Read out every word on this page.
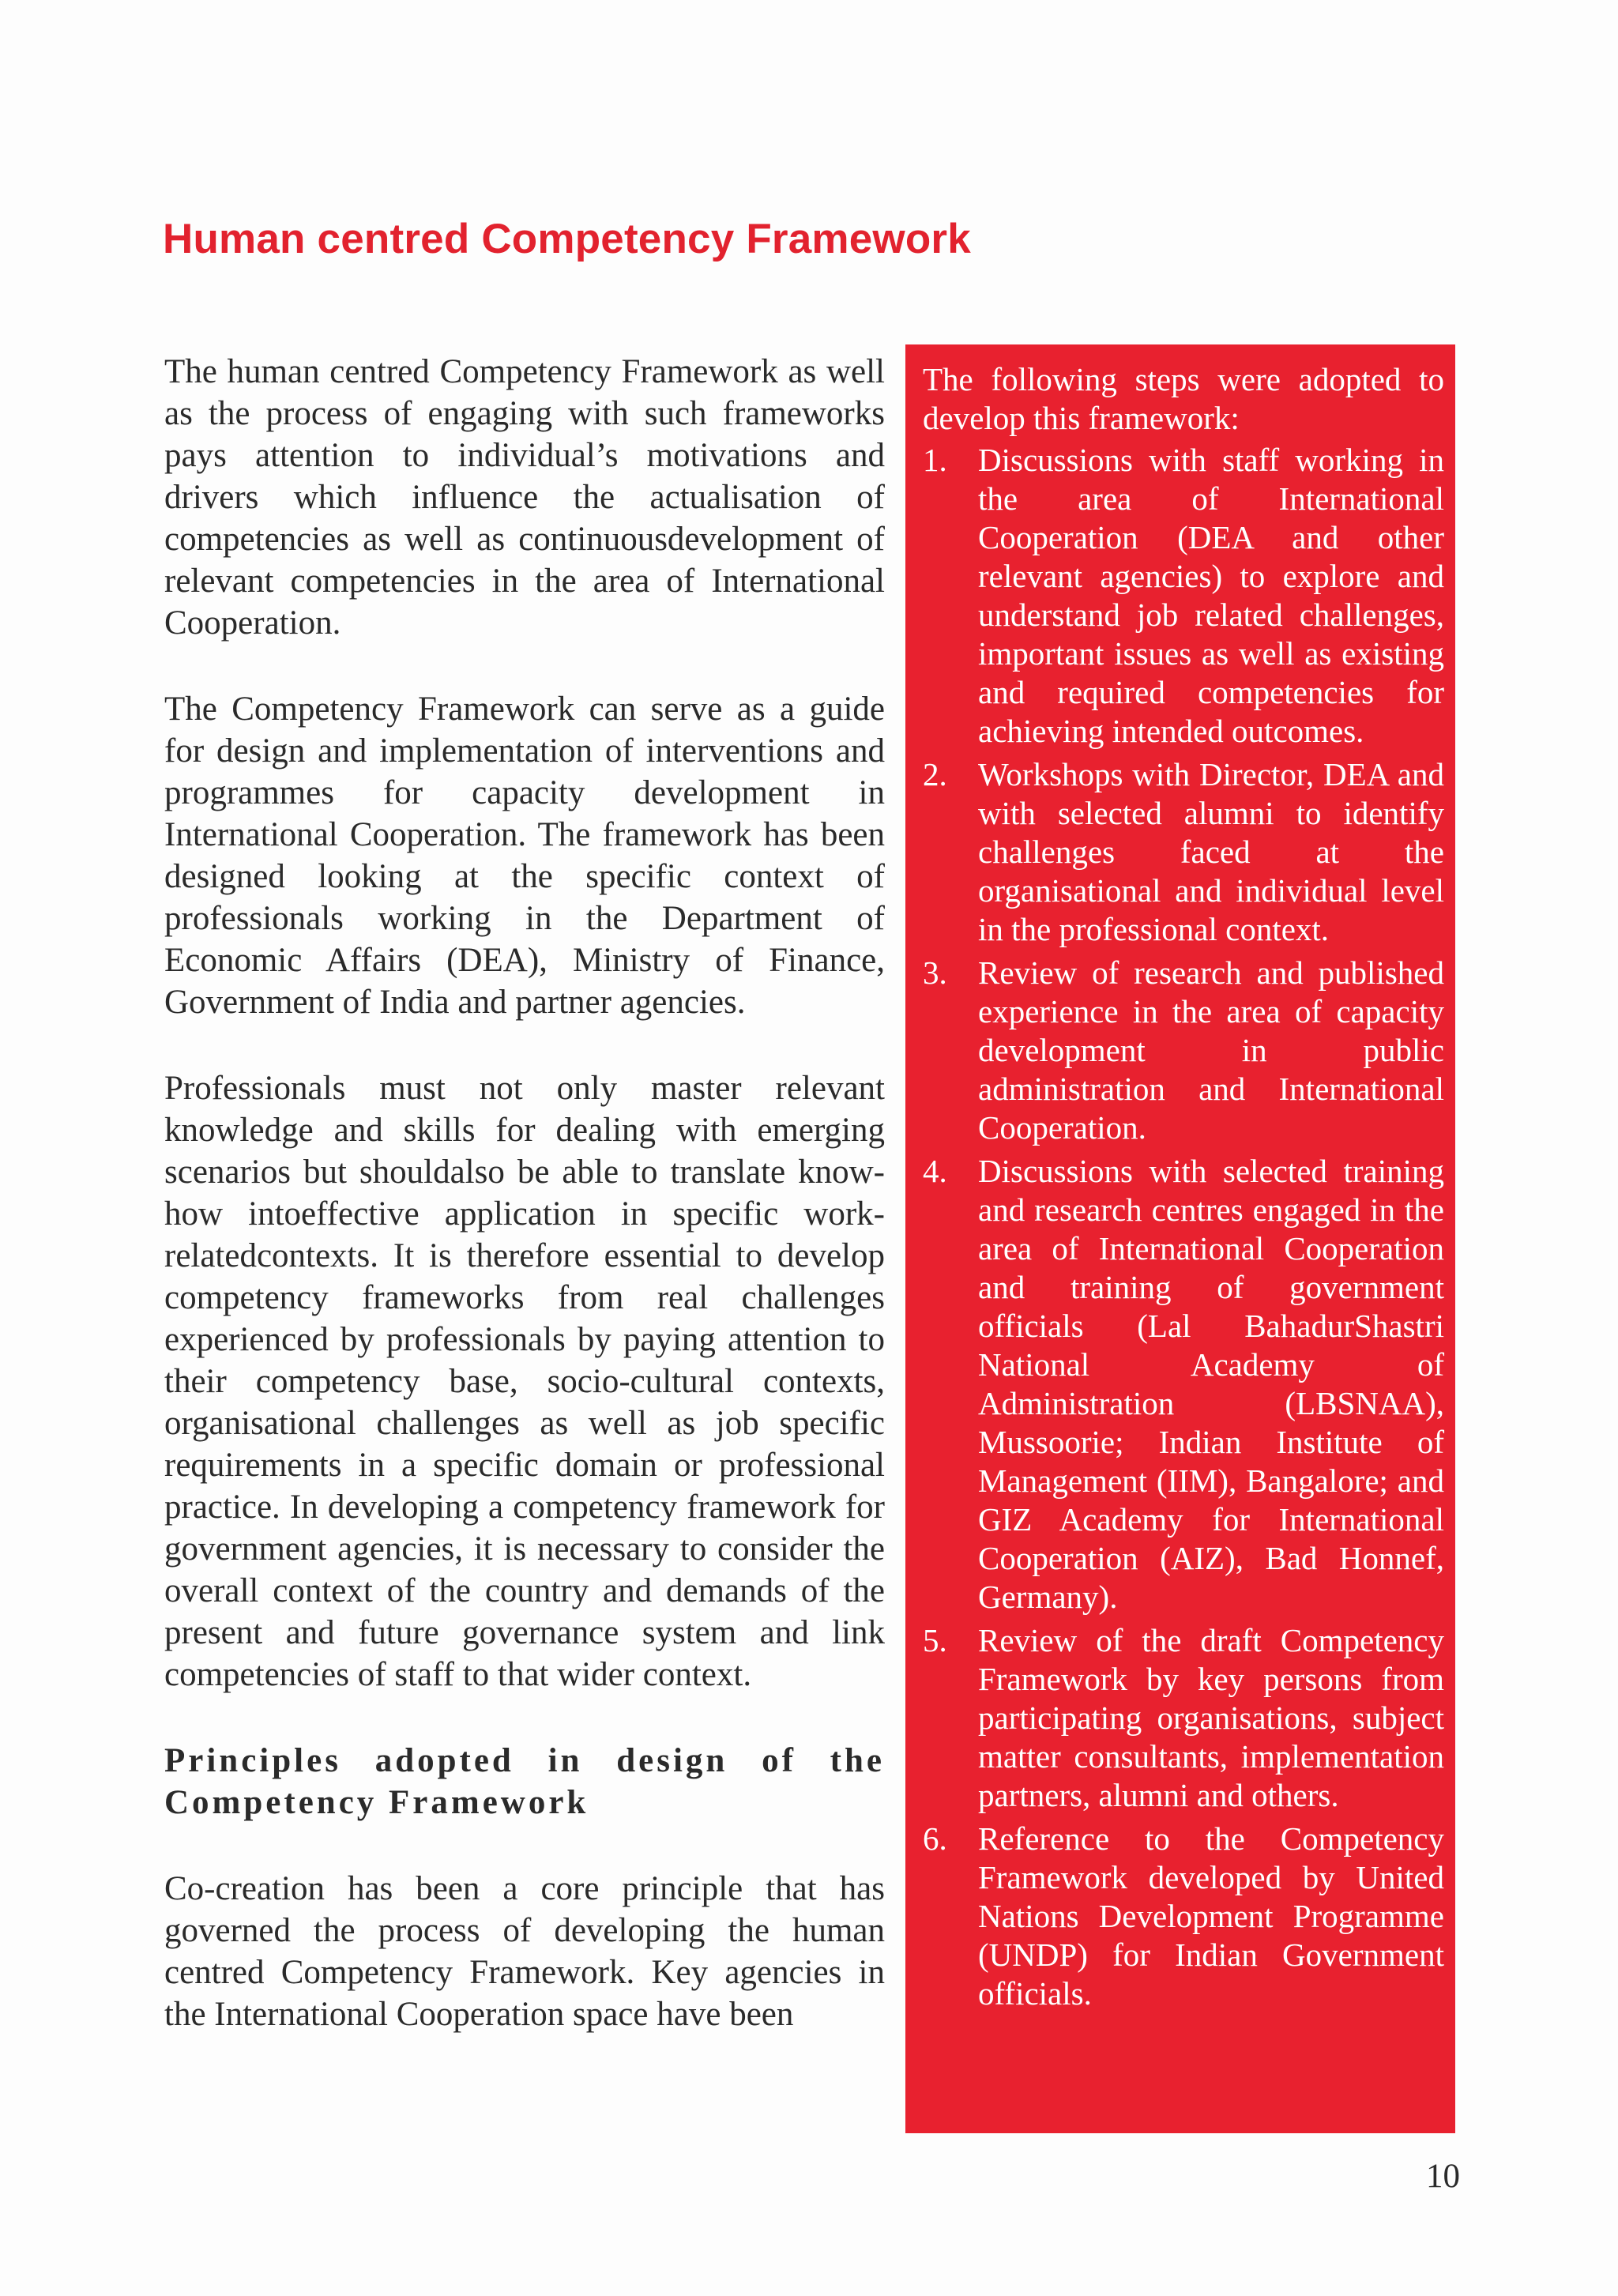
Human centred Competency Framework

The human centred Competency Framework as well as the process of engaging with such frameworks pays attention to individual’s motivations and drivers which influence the actualisation of competencies as well as continuousdevelopment of relevant competencies in the area of International Cooperation.

The Competency Framework can serve as a guide for design and implementation of interventions and programmes for capacity development in International Cooperation. The framework has been designed looking at the specific context of professionals working in the Department of Economic Affairs (DEA), Ministry of Finance, Government of India and partner agencies.

Professionals must not only master relevant knowledge and skills for dealing with emerging scenarios but shouldalso be able to translate know-how intoeffective application in specific work-relatedcontexts. It is therefore essential to develop competency frameworks from real challenges experienced by professionals by paying attention to their competency base, socio-cultural contexts, organisational challenges as well as job specific requirements in a specific domain or professional practice. In developing a competency framework for government agencies, it is necessary to consider the overall context of the country and demands of the present and future governance system and link competencies of staff to that wider context.

Principles adopted in design of the Competency Framework

Co-creation has been a core principle that has governed the process of developing the human centred Competency Framework. Key agencies in the International Cooperation space have been

The following steps were adopted to develop this framework:

1. Discussions with staff working in the area of International Cooperation (DEA and other relevant agencies) to explore and understand job related challenges, important issues as well as existing and required competencies for achieving intended outcomes.
2. Workshops with Director, DEA and with selected alumni to identify challenges faced at the organisational and individual level in the professional context.
3. Review of research and published experience in the area of capacity development in public administration and International Cooperation.
4. Discussions with selected training and research centres engaged in the area of International Cooperation and training of government officials (Lal BahadurShastri National Academy of Administration (LBSNAA), Mussoorie; Indian Institute of Management (IIM), Bangalore; and GIZ Academy for International Cooperation (AIZ), Bad Honnef, Germany).
5. Review of the draft Competency Framework by key persons from participating organisations, subject matter consultants, implementation partners, alumni and others.
6. Reference to the Competency Framework developed by United Nations Development Programme (UNDP) for Indian Government officials.
10
